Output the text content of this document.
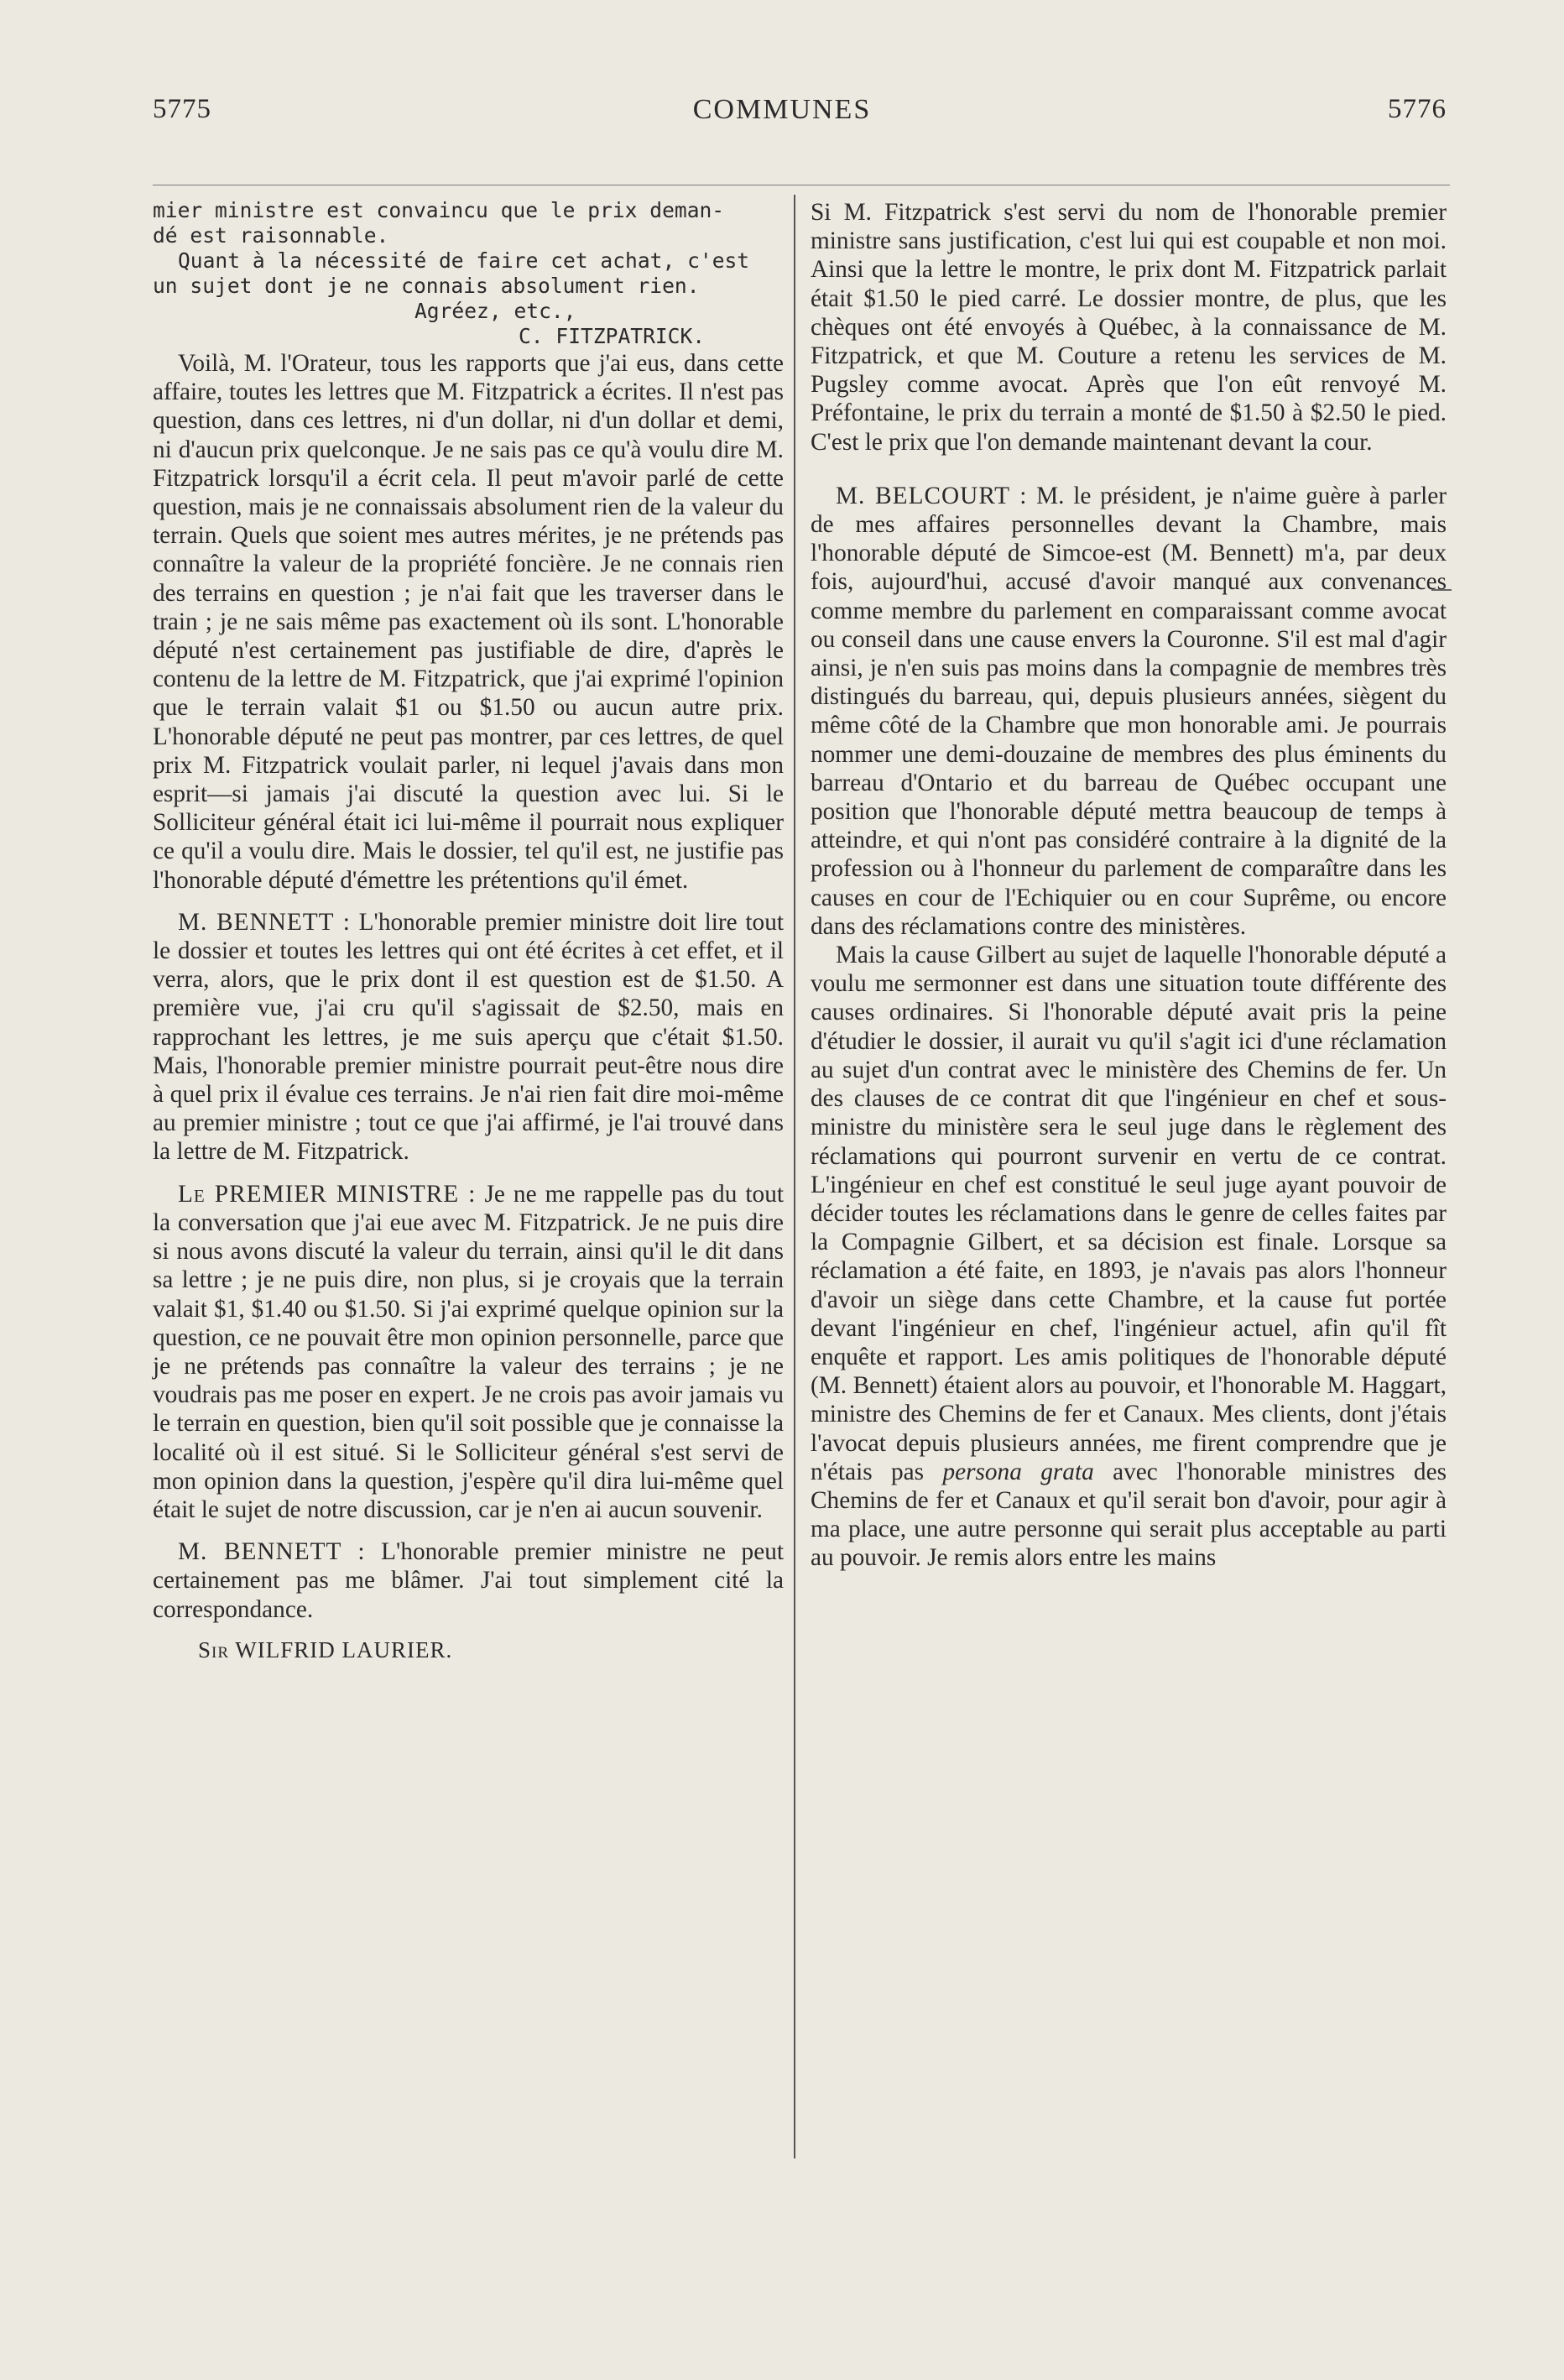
5775	COMMUNES	5776

mier ministre est convaincu que le prix deman-

dé est raisonnable.

Quant à la nécessité de faire cet achat, c'est

un sujet dont je ne connais absolument rien.

Agréez, etc.,

C. FITZPATRICK.

Voilà, M. l'Orateur, tous les rapports que j'ai eus, dans cette affaire, toutes les lettres que M. Fitzpatrick a écrites. Il n'est pas question, dans ces lettres, ni d'un dollar, ni d'un dollar et demi, ni d'aucun prix quelconque. Je ne sais pas ce qu'à voulu dire M. Fitzpatrick lorsqu'il a écrit cela. Il peut m'avoir parlé de cette question, mais je ne connaissais absolument rien de la valeur du terrain. Quels que soient mes autres mérites, je ne prétends pas connaître la valeur de la propriété foncière. Je ne connais rien des terrains en question ; je n'ai fait que les traverser dans le train ; je ne sais même pas exactement où ils sont. L'honorable député n'est certainement pas justifiable de dire, d'après le contenu de la lettre de M. Fitzpatrick, que j'ai exprimé l'opinion que le terrain valait $1 ou $1.50 ou aucun autre prix. L'honorable député ne peut pas montrer, par ces lettres, de quel prix M. Fitzpatrick voulait parler, ni lequel j'avais dans mon esprit—si jamais j'ai discuté la question avec lui. Si le Solliciteur général était ici lui-même il pourrait nous expliquer ce qu'il a voulu dire. Mais le dossier, tel qu'il est, ne justifie pas l'honorable député d'émettre les prétentions qu'il émet.

M. BENNETT : L'honorable premier ministre doit lire tout le dossier et toutes les lettres qui ont été écrites à cet effet, et il verra, alors, que le prix dont il est question est de $1.50. A première vue, j'ai cru qu'il s'agissait de $2.50, mais en rapprochant les lettres, je me suis aperçu que c'était $1.50. Mais, l'honorable premier ministre pourrait peut-être nous dire à quel prix il évalue ces terrains. Je n'ai rien fait dire moi-même au premier ministre ; tout ce que j'ai affirmé, je l'ai trouvé dans la lettre de M. Fitzpatrick.

Le PREMIER MINISTRE : Je ne me rappelle pas du tout la conversation que j'ai eue avec M. Fitzpatrick. Je ne puis dire si nous avons discuté la valeur du terrain, ainsi qu'il le dit dans sa lettre ; je ne puis dire, non plus, si je croyais que la terrain valait $1, $1.40 ou $1.50. Si j'ai exprimé quelque opinion sur la question, ce ne pouvait être mon opinion personnelle, parce que je ne prétends pas connaître la valeur des terrains ; je ne voudrais pas me poser en expert. Je ne crois pas avoir jamais vu le terrain en question, bien qu'il soit possible que je connaisse la localité où il est situé. Si le Solliciteur général s'est servi de mon opinion dans la question, j'espère qu'il dira lui-même quel était le sujet de notre discussion, car je n'en ai aucun souvenir.

M. BENNETT : L'honorable premier ministre ne peut certainement pas me blâmer. J'ai tout simplement cité la correspondance.

Sir WILFRID LAURIER.

Si M. Fitzpatrick s'est servi du nom de l'honorable premier ministre sans justification, c'est lui qui est coupable et non moi. Ainsi que la lettre le montre, le prix dont M. Fitzpatrick parlait était $1.50 le pied carré. Le dossier montre, de plus, que les chèques ont été envoyés à Québec, à la connaissance de M. Fitzpatrick, et que M. Couture a retenu les services de M. Pugsley comme avocat. Après que l'on eût renvoyé M. Préfontaine, le prix du terrain a monté de $1.50 à $2.50 le pied. C'est le prix que l'on demande maintenant devant la cour.

M. BELCOURT : M. le président, je n'aime guère à parler de mes affaires personnelles devant la Chambre, mais l'honorable député de Simcoe-est (M. Bennett) m'a, par deux fois, aujourd'hui, accusé d'avoir manqué aux convenances comme membre du parlement en comparaissant comme avocat ou conseil dans une cause envers la Couronne. S'il est mal d'agir ainsi, je n'en suis pas moins dans la compagnie de membres très distingués du barreau, qui, depuis plusieurs années, siègent du même côté de la Chambre que mon honorable ami. Je pourrais nommer une demi-douzaine de membres des plus éminents du barreau d'Ontario et du barreau de Québec occupant une position que l'honorable député mettra beaucoup de temps à atteindre, et qui n'ont pas considéré contraire à la dignité de la profession ou à l'honneur du parlement de comparaître dans les causes en cour de l'Echiquier ou en cour Suprême, ou encore dans des réclamations contre des ministères.

Mais la cause Gilbert au sujet de laquelle l'honorable député a voulu me sermonner est dans une situation toute différente des causes ordinaires. Si l'honorable député avait pris la peine d'étudier le dossier, il aurait vu qu'il s'agit ici d'une réclamation au sujet d'un contrat avec le ministère des Chemins de fer. Un des clauses de ce contrat dit que l'ingénieur en chef et sous-ministre du ministère sera le seul juge dans le règlement des réclamations qui pourront survenir en vertu de ce contrat. L'ingénieur en chef est constitué le seul juge ayant pouvoir de décider toutes les réclamations dans le genre de celles faites par la Compagnie Gilbert, et sa décision est finale. Lorsque sa réclamation a été faite, en 1893, je n'avais pas alors l'honneur d'avoir un siège dans cette Chambre, et la cause fut portée devant l'ingénieur en chef, l'ingénieur actuel, afin qu'il fît enquête et rapport. Les amis politiques de l'honorable député (M. Bennett) étaient alors au pouvoir, et l'honorable M. Haggart, ministre des Chemins de fer et Canaux. Mes clients, dont j'étais l'avocat depuis plusieurs années, me firent comprendre que je n'étais pas persona grata avec l'honorable ministres des Chemins de fer et Canaux et qu'il serait bon d'avoir, pour agir à ma place, une autre personne qui serait plus acceptable au parti au pouvoir. Je remis alors entre les mains
